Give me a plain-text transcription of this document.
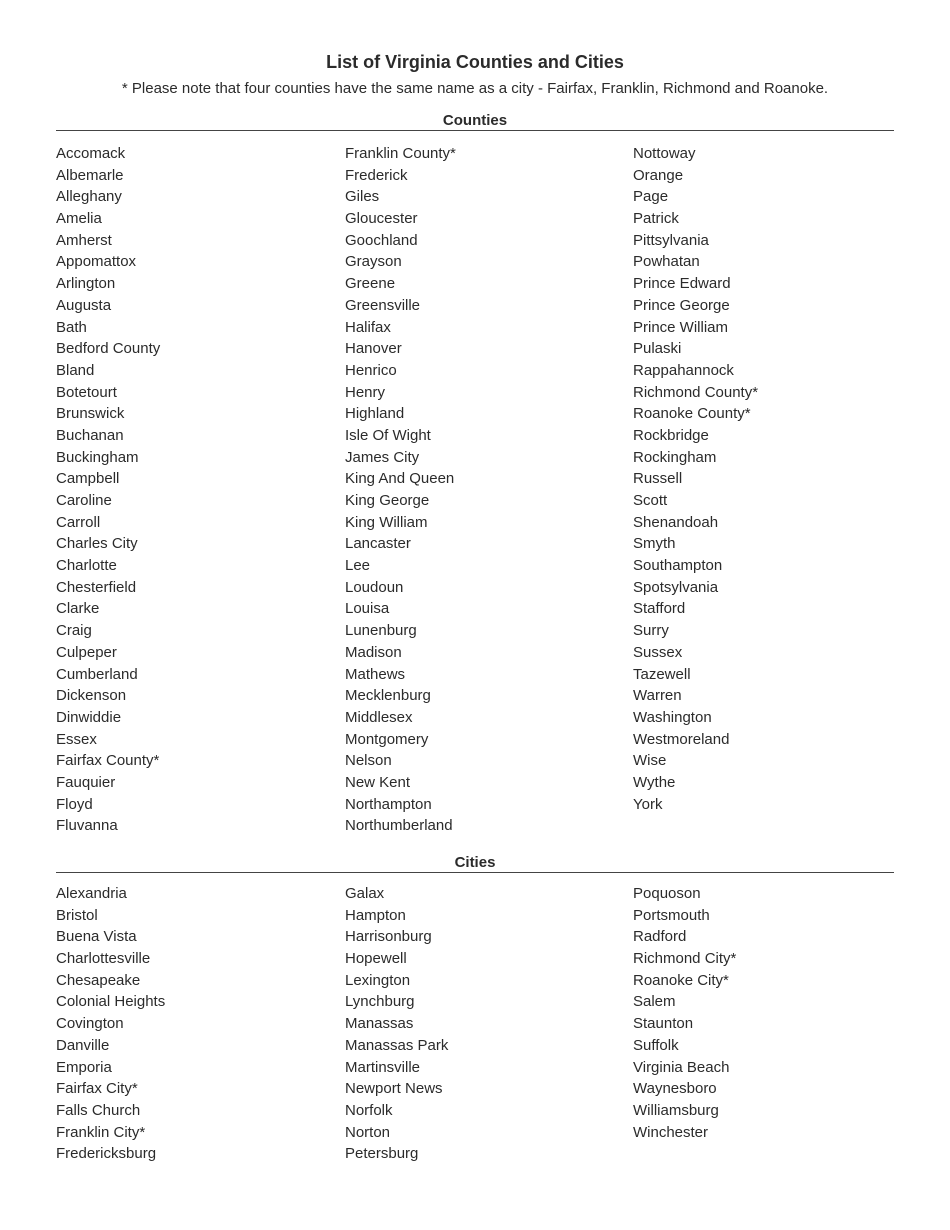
List of Virginia Counties and Cities
* Please note that four counties have the same name as a city - Fairfax, Franklin, Richmond and Roanoke.
Counties
Accomack
Albemarle
Alleghany
Amelia
Amherst
Appomattox
Arlington
Augusta
Bath
Bedford County
Bland
Botetourt
Brunswick
Buchanan
Buckingham
Campbell
Caroline
Carroll
Charles City
Charlotte
Chesterfield
Clarke
Craig
Culpeper
Cumberland
Dickenson
Dinwiddie
Essex
Fairfax County*
Fauquier
Floyd
Fluvanna
Franklin County*
Frederick
Giles
Gloucester
Goochland
Grayson
Greene
Greensville
Halifax
Hanover
Henrico
Henry
Highland
Isle Of Wight
James City
King And Queen
King George
King William
Lancaster
Lee
Loudoun
Louisa
Lunenburg
Madison
Mathews
Mecklenburg
Middlesex
Montgomery
Nelson
New Kent
Northampton
Northumberland
Nottoway
Orange
Page
Patrick
Pittsylvania
Powhatan
Prince Edward
Prince George
Prince William
Pulaski
Rappahannock
Richmond County*
Roanoke County*
Rockbridge
Rockingham
Russell
Scott
Shenandoah
Smyth
Southampton
Spotsylvania
Stafford
Surry
Sussex
Tazewell
Warren
Washington
Westmoreland
Wise
Wythe
York
Cities
Alexandria
Bristol
Buena Vista
Charlottesville
Chesapeake
Colonial Heights
Covington
Danville
Emporia
Fairfax City*
Falls Church
Franklin City*
Fredericksburg
Galax
Hampton
Harrisonburg
Hopewell
Lexington
Lynchburg
Manassas
Manassas Park
Martinsville
Newport News
Norfolk
Norton
Petersburg
Poquoson
Portsmouth
Radford
Richmond City*
Roanoke City*
Salem
Staunton
Suffolk
Virginia Beach
Waynesboro
Williamsburg
Winchester
